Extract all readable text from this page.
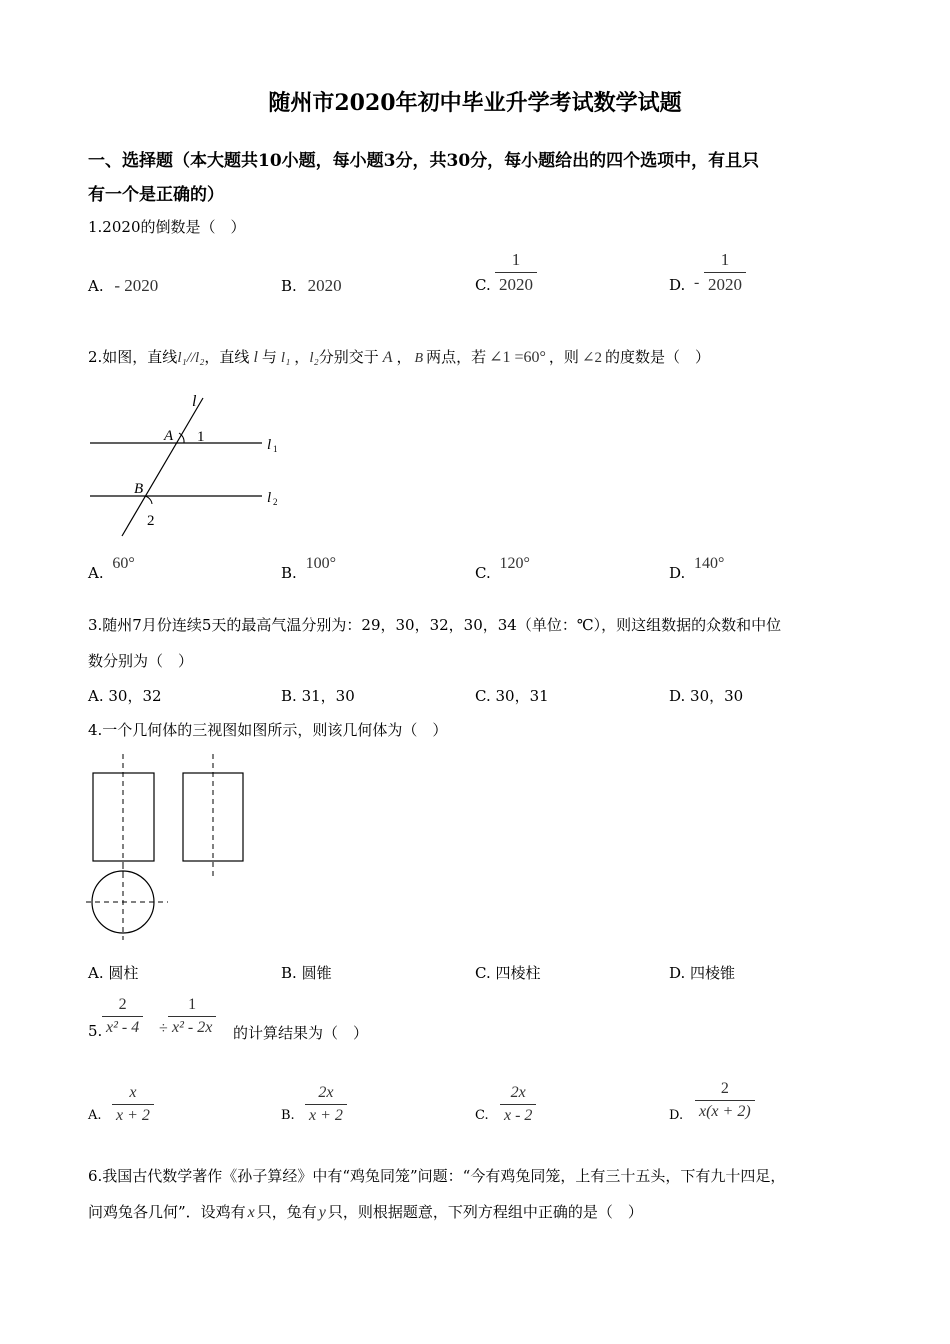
随州市2020年初中毕业升学考试数学试题
一、选择题（本大题共10小题，每小题3分，共30分，每小题给出的四个选项中，有且只
有一个是正确的）
1.2020的倒数是（　）
A. - 2020	B. 2020	C.
1
2020	D. -
1
2020
2.如图，直线l₁//l₂，直线 l 与 l₁ ，l₂分别交于 A ， B 两点，若 ∠1 =60° ，则 ∠2 的度数是（　）
l
A 1	l 1
B
l 2
2
A. 60°
B. 100°
C. 120°
D. 140°
3.随州7月份连续5天的最高气温分别为：29，30，32，30，34（单位：℃），则这组数据的众数和中位
数分别为（　）
A. 30，32	B. 31，30	C. 30，31	D. 30，30
4.一个几何体的三视图如图所示，则该几何体为（　）
A. 圆柱	B. 圆锥	C. 四棱柱	D. 四棱锥
5.
2
x² - 4 ÷
1
x² - 2x 的计算结果为（　）
A.
x
x + 2	B.
2x
x + 2	C.
2x
x - 2	D.
2
x(x + 2)
6.我国古代数学著作《孙子算经》中有“鸡兔同笼”问题：“今有鸡兔同笼，上有三十五头，下有九十四足，
问鸡兔各几何”．设鸡有 x 只，兔有 y 只，则根据题意，下列方程组中正确的是（　）
